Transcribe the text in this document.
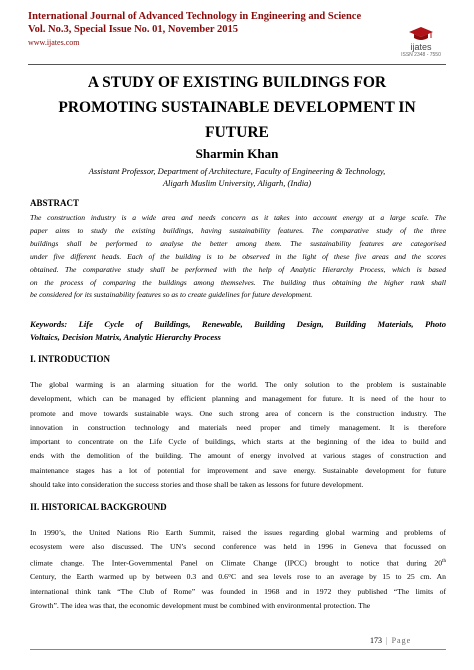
International Journal of Advanced Technology in Engineering and Science
Vol. No.3, Special Issue No. 01, November 2015
www.ijates.com	ijates
ISSN 2348 - 7550
A STUDY OF EXISTING BUILDINGS FOR
PROMOTING SUSTAINABLE DEVELOPMENT IN
FUTURE
Sharmin Khan
Assistant Professor, Department of Architecture, Faculty of Engineering & Technology,
Aligarh Muslim University, Aligarh, (India)
ABSTRACT
The construction industry is a wide area and needs concern as it takes into account energy at a large scale. The
paper aims to study the existing buildings, having sustainability features. The comparative study of the three
buildings shall be performed to analyse the better among them. The sustainability features are categorised
under five different heads. Each of the building is to be observed in the light of these five areas and the scores
obtained. The comparative study shall be performed with the help of Analytic Hierarchy Process, which is based
on the process of comparing the buildings among themselves. The building thus obtaining the higher rank shall
be considered for its sustainability features so as to create guidelines for future development.
Keywords: Life Cycle of Buildings, Renewable, Building Design, Building Materials, Photo
Voltaics, Decision Matrix, Analytic Hierarchy Process
I. INTRODUCTION
The global warming is an alarming situation for the world. The only solution to the problem is sustainable
development, which can be managed by efficient planning and management for future. It is need of the hour to
promote and move towards sustainable ways. One such strong area of concern is the construction industry. The
innovation in construction technology and materials need proper and timely management. It is therefore
important to concentrate on the Life Cycle of buildings, which starts at the beginning of the idea to build and
ends with the demolition of the building. The amount of energy involved at various stages of construction and
maintenance stages has a lot of potential for improvement and save energy. Sustainable development for future
should take into consideration the success stories and those shall be taken as lessons for future development.
II. HISTORICAL BACKGROUND
In 1990’s, the United Nations Rio Earth Summit, raised the issues regarding global warming and problems of
ecosystem were also discussed. The UN’s second conference was held in 1996 in Geneva that focussed on
climate change. The Inter-Governmental Panel on Climate Change (IPCC) brought to notice that during 20th
Century, the Earth warmed up by between 0.3 and 0.6°C and sea levels rose to an average by 15 to 25 cm. An
international think tank “The Club of Rome” was founded in 1968 and in 1972 they published “The limits of
Growth”. The idea was that, the economic development must be combined with environmental protection. The
173 | Page
